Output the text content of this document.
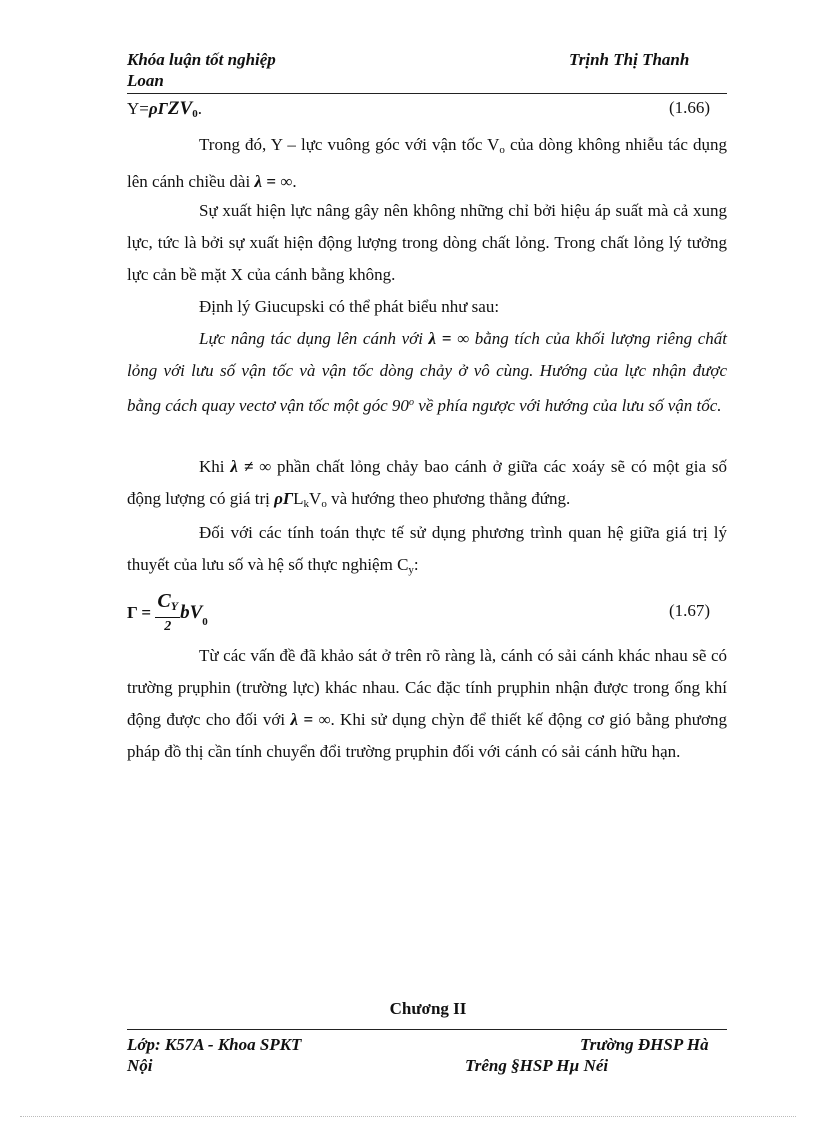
Khóa luận tốt nghiệp
Loan
Trịnh Thị Thanh
Y=ρΓZV$_0$.	(1.66)

Trong đó, Y – lực vuông góc với vận tốc $V_o$ của dòng không nhiễu tác dụng lên cánh chiều dài λ = ∞.

Sự xuất hiện lực nâng gây nên không những chỉ bởi hiệu áp suất mà cả xung lực, tức là bởi sự xuất hiện động lượng trong dòng chất lỏng. Trong chất lỏng lý tưởng lực cản bề mặt X của cánh bằng không.

Định lý Giucupski có thể phát biểu như sau:

Lực nâng tác dụng lên cánh với λ = ∞ bằng tích của khối lượng riêng chất lỏng với lưu số vận tốc và vận tốc dòng chảy ở vô cùng. Hướng của lực nhận được bằng cách quay vectơ vận tốc một góc 90$^o$ về phía ngược với hướng của lưu số vận tốc.

Khi λ ≠ ∞ phần chất lỏng chảy bao cánh ở giữa các xoáy sẽ có một gia số động lượng có giá trị $\rho\Gamma L_kV_o$ và hướng theo phương thẳng đứng.

Đối với các tính toán thực tế sử dụng phương trình quan hệ giữa giá trị lý thuyết của lưu số và hệ số thực nghiệm $C_y$:

$\Gamma = \frac{CY}{2} bV_0$
(1.67)

Từ các vấn đề đã khảo sát ở trên rõ ràng là, cánh có sải cánh khác nhau sẽ có trường prụphin (trường lực) khác nhau. Các đặc tính prụphin nhận được trong ống khí động được cho đối với λ = ∞. Khi sử dụng chỳn để thiết kế động cơ gió bằng phương pháp đồ thị cần tính chuyển đổi trường prụphin đối với cánh có sải cánh hữu hạn.

Chương II
Lớp: K57A - Khoa SPKT
Nội
Trường ĐHSP Hà
Trêng §HSP Hµ Néi
